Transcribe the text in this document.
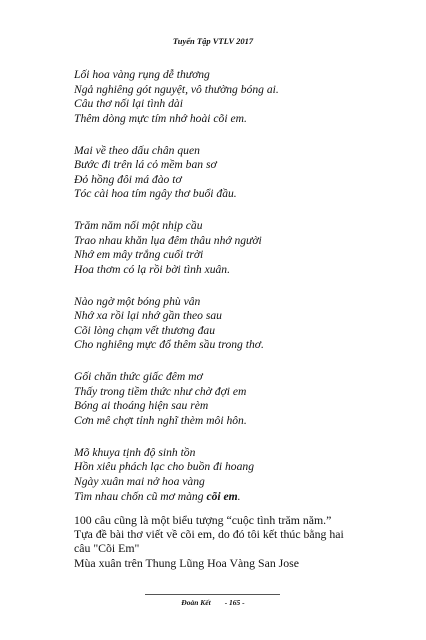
Tuyển Tập VTLV 2017
Lối hoa vàng rụng dễ thương
Ngả nghiêng gót nguyệt, vô thường bóng ai.
Câu thơ nối lại tình dài
Thêm dòng mực tím nhớ hoài cõi em.
Mai về theo dấu chân quen
Bước đi trên lá cỏ mềm ban sơ
Đỏ hồng đôi má đào tơ
Tóc cài hoa tím ngây thơ buổi đầu.
Trăm năm nối một nhịp cầu
Trao nhau khăn lụa đêm thâu nhớ người
Nhớ em mây trắng cuối trời
Hoa thơm có lạ rồi bời tình xuân.
Nào ngờ một bóng phù vân
Nhớ xa rồi lại nhớ gần theo sau
Cõi lòng chạm vết thương đau
Cho nghiêng mực đổ thêm sầu trong thơ.
Gối chăn thức giấc đêm mơ
Thấy trong tiềm thức như chờ đợi em
Bóng ai thoáng hiện sau rèm
Cơn mê chợt tỉnh nghĩ thèm môi hôn.
Mõ khuya tịnh độ sinh tồn
Hồn xiêu phách lạc cho buồn đi hoang
Ngày xuân mai nở hoa vàng
Tìm nhau chốn cũ mơ màng cõi em.
100 câu cũng là một biểu tượng “cuộc tình trăm năm.”
Tựa đề bài thơ viết về cõi em, do đó tôi kết thúc bằng hai
câu "Cõi Em"
Mùa xuân trên Thung Lũng Hoa Vàng San Jose
Đoàn Kết - 165 -
